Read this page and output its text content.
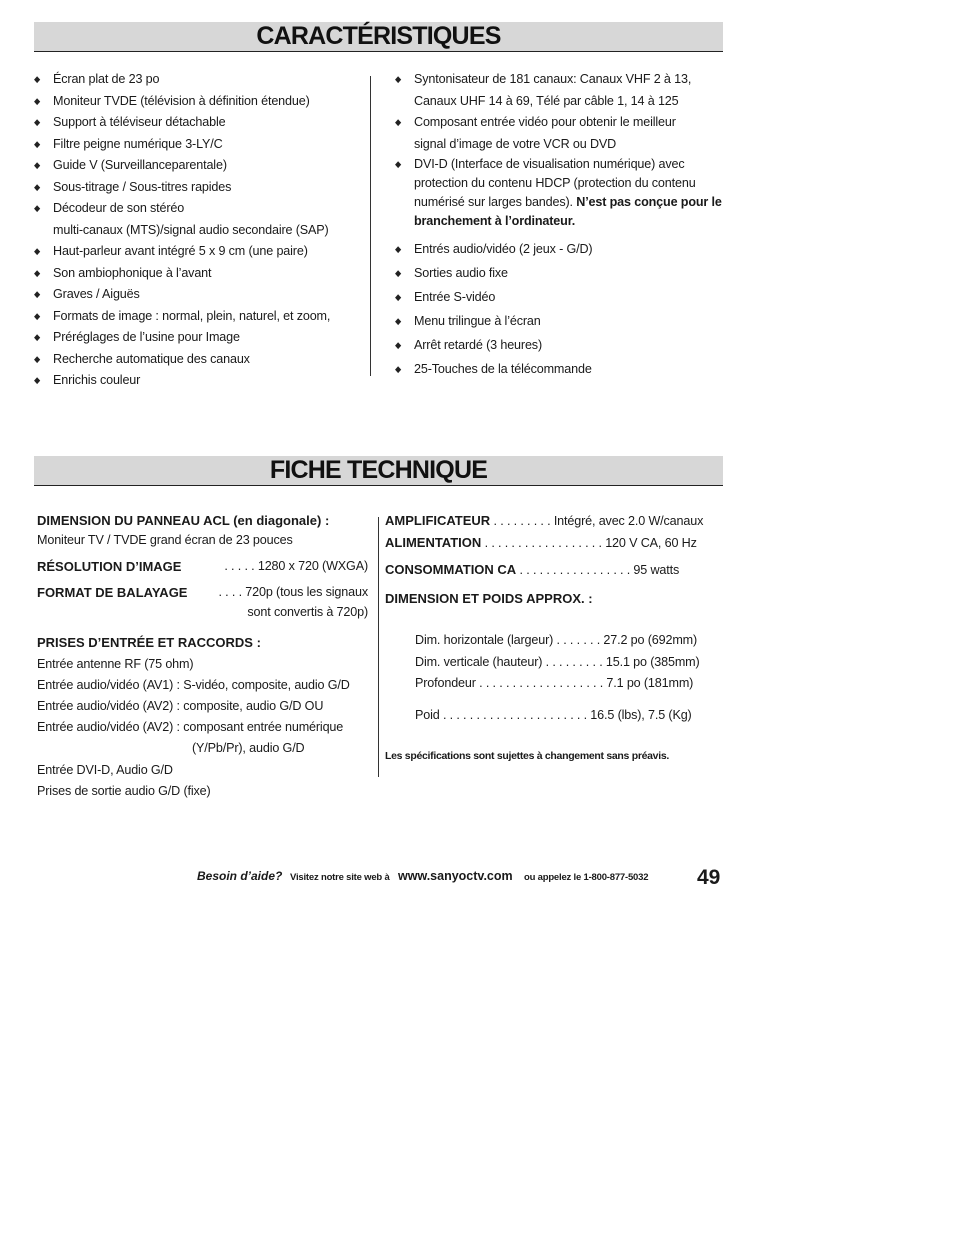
CARACTÉRISTIQUES
◆ Écran plat de 23 po
◆ Moniteur TVDE (télévision à définition étendue)
◆ Support à téléviseur détachable
◆ Filtre peigne numérique 3-LY/C
◆ Guide V (Surveillanceparentale)
◆ Sous-titrage / Sous-titres rapides
◆ Décodeur de son stéréo
multi-canaux (MTS)/signal audio secondaire (SAP)
◆ Haut-parleur avant intégré 5 x 9 cm (une paire)
◆ Son ambiophonique à l’avant
◆ Graves / Aiguës
◆ Formats de image : normal, plein, naturel, et zoom,
◆ Préréglages de l’usine pour Image
◆ Recherche automatique des canaux
◆ Enrichis couleur
◆ Syntonisateur de 181 canaux: Canaux VHF 2 à 13,
Canaux UHF 14 à 69, Télé par câble 1, 14 à 125
◆ Composant entrée vidéo pour obtenir le meilleur
signal d’image de votre VCR ou DVD
◆ DVI-D (Interface de visualisation numérique) avec
protection du contenu HDCP (protection du contenu
numérisé sur larges bandes). N’est pas conçue pour le
branchement à l’ordinateur.
◆ Entrés audio/vidéo (2 jeux - G/D)
◆ Sorties audio fixe
◆ Entrée S-vidéo
◆ Menu trilingue à l’écran
◆ Arrêt retardé (3 heures)
◆ 25-Touches de la télécommande
FICHE TECHNIQUE
DIMENSION DU PANNEAU ACL (en diagonale) :
Moniteur TV / TVDE grand écran de 23 pouces
RÉSOLUTION D’IMAGE	. . . . . 1280 x 720 (WXGA)
FORMAT DE BALAYAGE . . . . 720p (tous les signaux
sont convertis à 720p)
PRISES D’ENTRÉE ET RACCORDS :
Entrée antenne RF (75 ohm)
Entrée audio/vidéo (AV1) : S-vidéo, composite, audio G/D
Entrée audio/vidéo (AV2) : composite, audio G/D OU
Entrée audio/vidéo (AV2) : composant entrée numérique
(Y/Pb/Pr), audio G/D
Entrée DVI-D, Audio G/D
Prises de sortie audio G/D (fixe)
AMPLIFICATEUR . . . . . . . . . Intégré, avec 2.0 W/canaux
ALIMENTATION . . . . . . . . . . . . . . . . . . 120 V CA, 60 Hz
CONSOMMATION CA . . . . . . . . . . . . . . . . . 95 watts
DIMENSION ET POIDS APPROX. :
Dim. horizontale (largeur) . . . . . . . 27.2 po (692mm)
Dim. verticale (hauteur) . . . . . . . . . 15.1 po (385mm)
Profondeur . . . . . . . . . . . . . . . . . . . 7.1 po (181mm)
Poid . . . . . . . . . . . . . . . . . . . . . . 16.5 (lbs), 7.5 (Kg)
Les spécifications sont sujettes à changement sans préavis.
Besoin d’aide? Visitez notre site web à www.sanyoctv.com ou appelez le 1-800-877-5032 49
